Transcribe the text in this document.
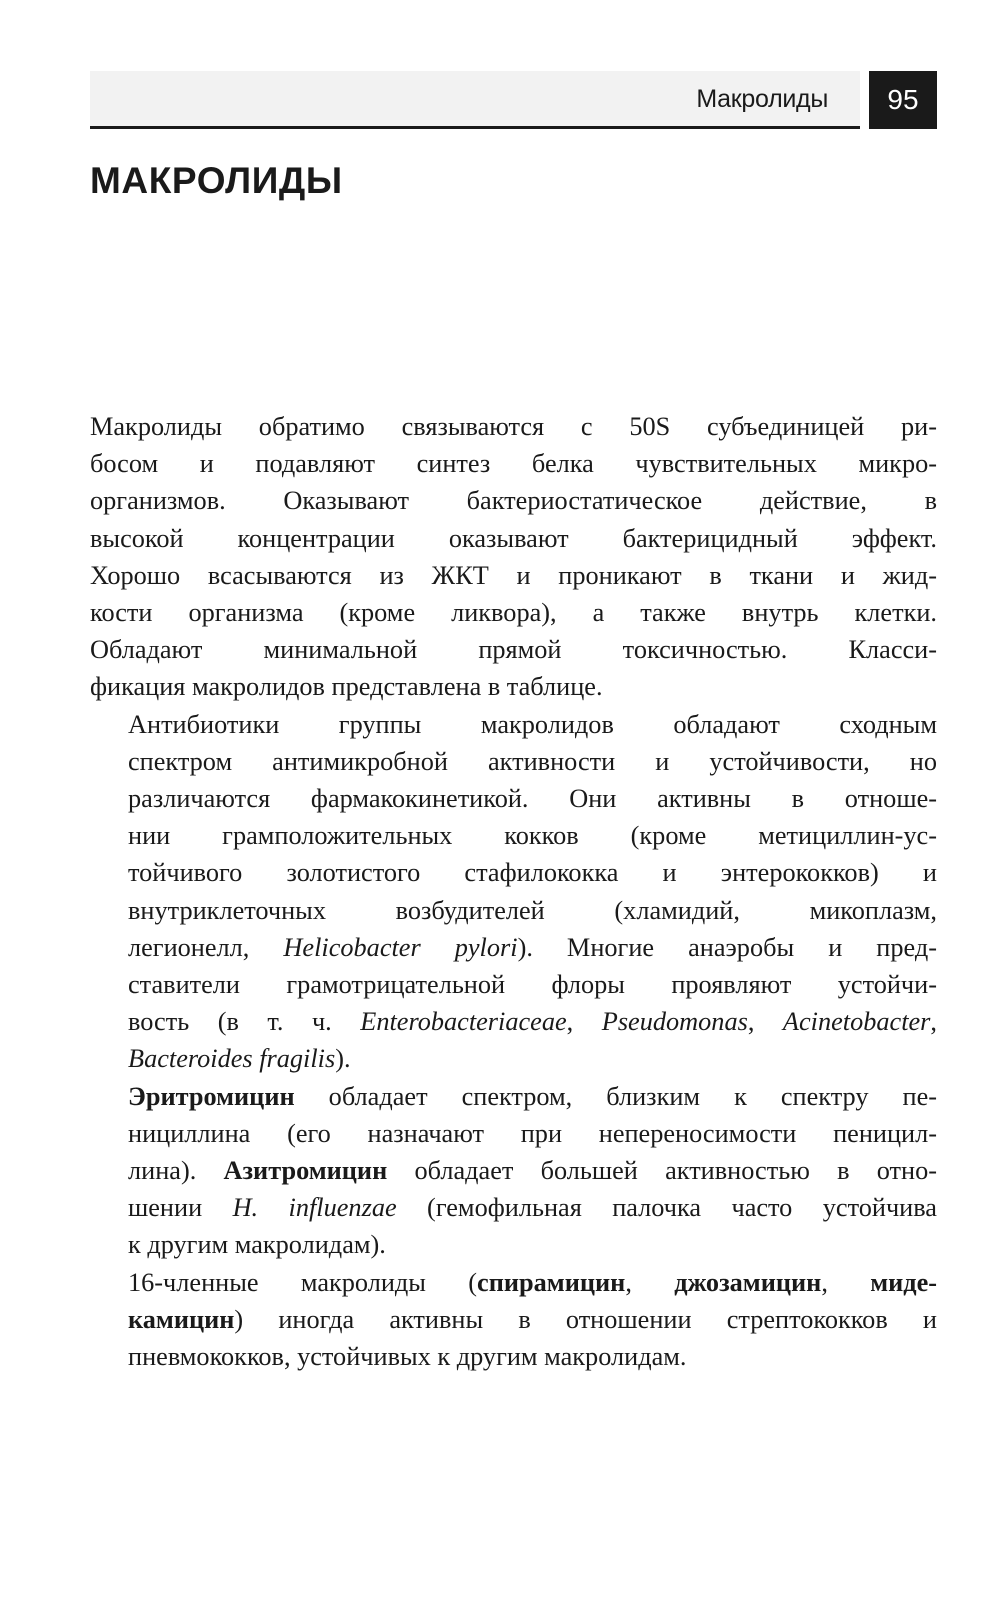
Макролиды	95
МАКРОЛИДЫ

Макролиды обратимо связываются с 50S субъединицей ри-
босом и подавляют синтез белка чувствительных микро-
организмов. Оказывают бактериостатическое действие, в
высокой концентрации оказывают бактерицидный эффект.
Хорошо всасываются из ЖКТ и проникают в ткани и жид-
кости организма (кроме ликвора), а также внутрь клетки.
Обладают минимальной прямой токсичностью. Класси-
фикация макролидов представлена в таблице.

Антибиотики группы макролидов обладают сходным
спектром антимикробной активности и устойчивости, но
различаются фармакокинетикой. Они активны в отноше-
нии грамположительных кокков (кроме метициллин-ус-
тойчивого золотистого стафилококка и энтерококков) и
внутриклеточных возбудителей (хламидий, микоплазм,
легионелл, Helicobacter pylori). Многие анаэробы и пред-
ставители грамотрицательной флоры проявляют устойчи-
вость (в т. ч. Enterobacteriaceae, Pseudomonas, Acinetobacter,
Bacteroides fragilis).

Эритромицин обладает спектром, близким к спектру пе-
нициллина (его назначают при непереносимости пеницил-
лина). Азитромицин обладает большей активностью в отно-
шении H. influenzae (гемофильная палочка часто устойчива
к другим макролидам).

16-членные макролиды (спирамицин, джозамицин, миде-
камицин) иногда активны в отношении стрептококков и
пневмококков, устойчивых к другим макролидам.
